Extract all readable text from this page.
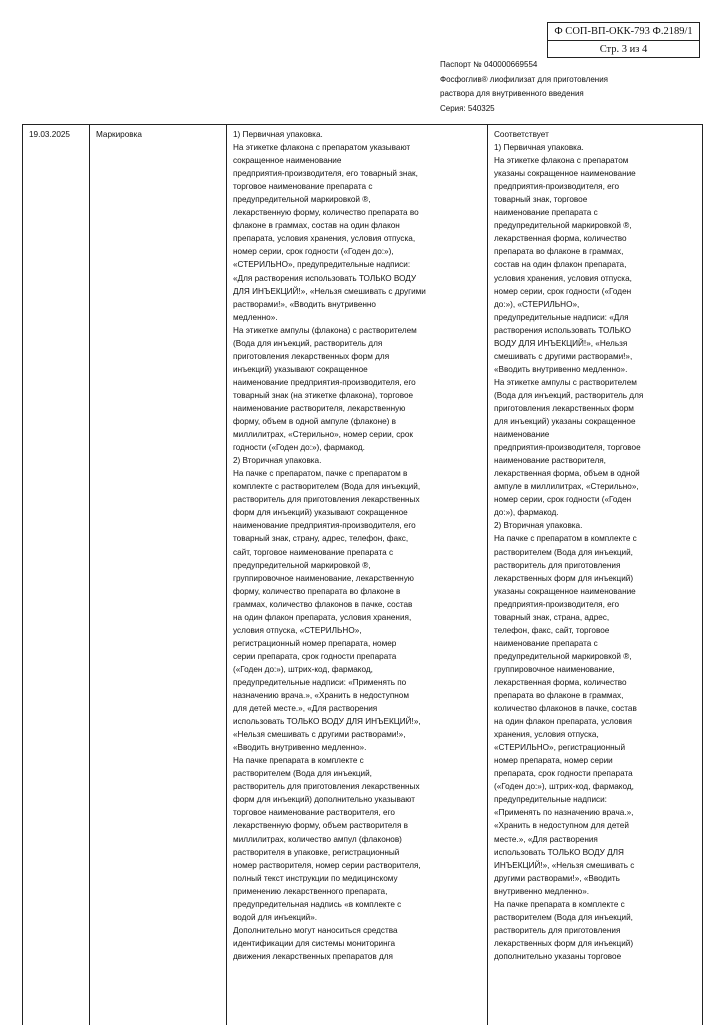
Ф СОП-ВП-ОКК-793 Ф.2189/1
Стр. 3 из 4
Паспорт № 040000669554
Фосфоглив® лиофилизат для приготовления
раствора для внутривенного введения
Серия: 540325
19.03.2025	Маркировка	1) Первичная упаковка.
На этикетке флакона с препаратом указывают
сокращенное наименование
предприятия-производителя, его товарный знак,
торговое наименование препарата с
предупредительной маркировкой ®,
лекарственную форму, количество препарата во
флаконе в граммах, состав на один флакон
препарата, условия хранения, условия отпуска,
номер серии, срок годности («Годен до:»),
«СТЕРИЛЬНО», предупредительные надписи:
«Для растворения использовать ТОЛЬКО ВОДУ
ДЛЯ ИНЪЕКЦИЙ!», «Нельзя смешивать с другими
растворами!», «Вводить внутривенно
медленно».
На этикетке ампулы (флакона) с растворителем
(Вода для инъекций, растворитель для
приготовления лекарственных форм для
инъекций) указывают сокращенное
наименование предприятия-производителя, его
товарный знак (на этикетке флакона), торговое
наименование растворителя, лекарственную
форму, объем в одной ампуле (флаконе) в
миллилитрах, «Стерильно», номер серии, срок
годности («Годен до:»), фармакод.
2) Вторичная упаковка.
На пачке с препаратом, пачке с препаратом в
комплекте с растворителем (Вода для инъекций,
растворитель для приготовления лекарственных
форм для инъекций) указывают сокращенное
наименование предприятия-производителя, его
товарный знак, страну, адрес, телефон, факс,
сайт, торговое наименование препарата с
предупредительной маркировкой ®,
группировочное наименование, лекарственную
форму, количество препарата во флаконе в
граммах, количество флаконов в пачке, состав
на один флакон препарата, условия хранения,
условия отпуска, «СТЕРИЛЬНО»,
регистрационный номер препарата, номер
серии препарата, срок годности препарата
(«Годен до:»), штрих-код, фармакод,
предупредительные надписи: «Применять по
назначению врача.», «Хранить в недоступном
для детей месте.», «Для растворения
использовать ТОЛЬКО ВОДУ ДЛЯ ИНЪЕКЦИЙ!»,
«Нельзя смешивать с другими растворами!»,
«Вводить внутривенно медленно».
На пачке препарата в комплекте с
растворителем (Вода для инъекций,
растворитель для приготовления лекарственных
форм для инъекций) дополнительно указывают
торговое наименование растворителя, его
лекарственную форму, объем растворителя в
миллилитрах, количество ампул (флаконов)
растворителя в упаковке, регистрационный
номер растворителя, номер серии растворителя,
полный текст инструкции по медицинскому
применению лекарственного препарата,
предупредительная надпись «в комплекте с
водой для инъекций».
Дополнительно могут наноситься средства
идентификации для системы мониторинга
движения лекарственных препаратов для
Соответствует
1) Первичная упаковка.
На этикетке флакона с препаратом
указаны сокращенное наименование
предприятия-производителя, его
товарный знак, торговое
наименование препарата с
предупредительной маркировкой ®,
лекарственная форма, количество
препарата во флаконе в граммах,
состав на один флакон препарата,
условия хранения, условия отпуска,
номер серии, срок годности («Годен
до:»), «СТЕРИЛЬНО»,
предупредительные надписи: «Для
растворения использовать ТОЛЬКО
ВОДУ ДЛЯ ИНЪЕКЦИЙ!», «Нельзя
смешивать с другими растворами!»,
«Вводить внутривенно медленно».
На этикетке ампулы с растворителем
(Вода для инъекций, растворитель для
приготовления лекарственных форм
для инъекций) указаны сокращенное
наименование
предприятия-производителя, торговое
наименование растворителя,
лекарственная форма, объем в одной
ампуле в миллилитрах, «Стерильно»,
номер серии, срок годности («Годен
до:»), фармакод.
2) Вторичная упаковка.
На пачке с препаратом в комплекте с
растворителем (Вода для инъекций,
растворитель для приготовления
лекарственных форм для инъекций)
указаны сокращенное наименование
предприятия-производителя, его
товарный знак, страна, адрес,
телефон, факс, сайт, торговое
наименование препарата с
предупредительной маркировкой ®,
группировочное наименование,
лекарственная форма, количество
препарата во флаконе в граммах,
количество флаконов в пачке, состав
на один флакон препарата, условия
хранения, условия отпуска,
«СТЕРИЛЬНО», регистрационный
номер препарата, номер серии
препарата, срок годности препарата
(«Годен до:»), штрих-код, фармакод,
предупредительные надписи:
«Применять по назначению врача.»,
«Хранить в недоступном для детей
месте.», «Для растворения
использовать ТОЛЬКО ВОДУ ДЛЯ
ИНЪЕКЦИЙ!», «Нельзя смешивать с
другими растворами!», «Вводить
внутривенно медленно».
На пачке препарата в комплекте с
растворителем (Вода для инъекций,
растворитель для приготовления
лекарственных форм для инъекций)
дополнительно указаны торговое
